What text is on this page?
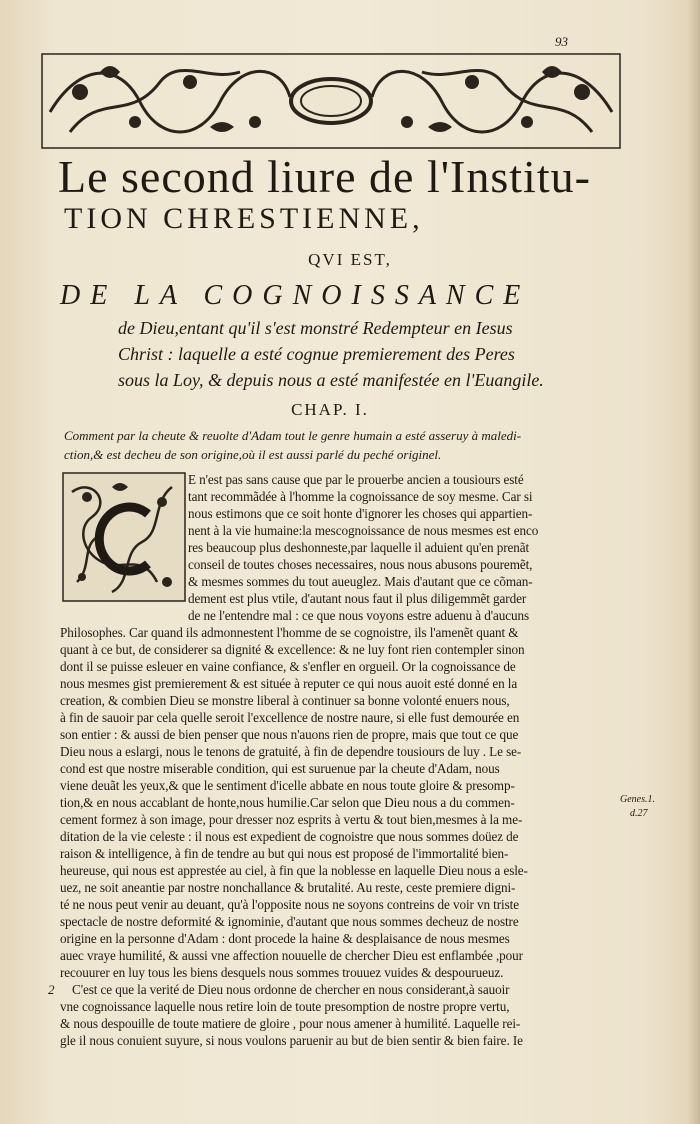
93
Le second liure de l'Institu-
TION CHRESTIENNE,
QVI EST,
DE LA COGNOISSANCE
de Dieu,entant qu'il s'est monstré Redempteur en Iesus
Christ : laquelle a esté cognue premierement des Peres
sous la Loy, & depuis nous a esté manifestée en l'Euangile.
CHAP. I.
Comment par la cheute & reuolte d'Adam tout le genre humain a esté asseruy à maledi-
ction,& est decheu de son origine,où il est aussi parlé du peché originel.
E n'est pas sans cause que par le prouerbe ancien a tousiours esté
tant recommãdée à l'homme la cognoissance de soy mesme. Car si
nous estimons que ce soit honte d'ignorer les choses qui appartien-
nent à la vie humaine:la mescognoissance de nous mesmes est enco
res beaucoup plus deshonneste,par laquelle il aduient qu'en prenãt
conseil de toutes choses necessaires, nous nous abusons pouremẽt,
& mesmes sommes du tout aueuglez. Mais d'autant que ce cõman-
dement est plus vtile, d'autant nous faut il plus diligemmẽt garder
de ne l'entendre mal : ce que nous voyons estre aduenu à d'aucuns
Philosophes. Car quand ils admonnestent l'homme de se cognoistre, ils l'amenẽt quant &
quant à ce but, de considerer sa dignité & excellence: & ne luy font rien contempler sinon
dont il se puisse esleuer en vaine confiance, & s'enfler en orgueil. Or la cognoissance de
nous mesmes gist premierement & est située à reputer ce qui nous auoit esté donné en la
creation, & combien Dieu se monstre liberal à continuer sa bonne volonté enuers nous,
à fin de sauoir par cela quelle seroit l'excellence de nostre naure, si elle fust demourée en
son entier : & aussi de bien penser que nous n'auons rien de propre, mais que tout ce que
Dieu nous a eslargi, nous le tenons de gratuité, à fin de dependre tousiours de luy . Le se-
cond est que nostre miserable condition, qui est suruenue par la cheute d'Adam, nous
viene deuãt les yeux,& que le sentiment d'icelle abbate en nous toute gloire & presomp-
tion,& en nous accablant de honte,nous humilie.Car selon que Dieu nous a du commen-
cement formez à son image, pour dresser noz esprits à vertu & tout bien,mesmes à la me-
ditation de la vie celeste : il nous est expedient de cognoistre que nous sommes doüez de
raison & intelligence, à fin de tendre au but qui nous est proposé de l'immortalité bien-
heureuse, qui nous est apprestée au ciel, à fin que la noblesse en laquelle Dieu nous a esle-
uez, ne soit aneantie par nostre nonchallance & brutalité. Au reste, ceste premiere digni-
té ne nous peut venir au deuant, qu'à l'opposite nous ne soyons contreins de voir vn triste
spectacle de nostre deformité & ignominie, d'autant que nous sommes decheuz de nostre
origine en la personne d'Adam : dont procede la haine & desplaisance de nous mesmes
auec vraye humilité, & aussi vne affection nouuelle de chercher Dieu est enflambée ,pour
recouurer en luy tous les biens desquels nous sommes trouuez vuides & despourueuz.
C'est ce que la verité de Dieu nous ordonne de chercher en nous considerant,à sauoir
vne cognoissance laquelle nous retire loin de toute presomption de nostre propre vertu,
& nous despouille de toute matiere de gloire , pour nous amener à humilité. Laquelle rei-
gle il nous conuient suyure, si nous voulons paruenir au but de bien sentir & bien faire. Ie
Genes.1.
d.27
2
